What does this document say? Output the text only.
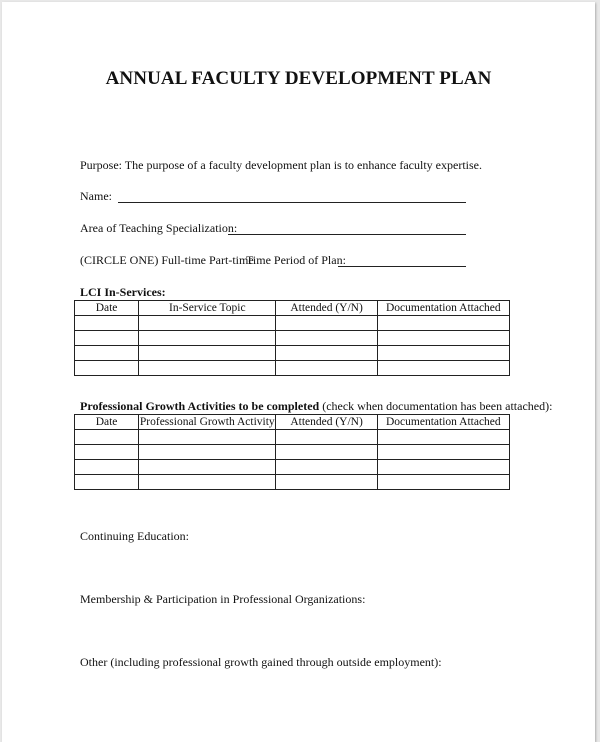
ANNUAL FACULTY DEVELOPMENT PLAN
Purpose: The purpose of a faculty development plan is to enhance faculty expertise.
Name:
Area of Teaching Specialization:
(CIRCLE ONE) Full-time Part-time
Time Period of Plan:
LCI In-Services:
Date	In-Service Topic	Attended (Y/N)	Documentation Attached

Professional Growth Activities to be completed (check when documentation has been attached):
Date	Professional Growth Activity	Attended (Y/N)	Documentation Attached

Continuing Education:
Membership & Participation in Professional Organizations:
Other (including professional growth gained through outside employment):
